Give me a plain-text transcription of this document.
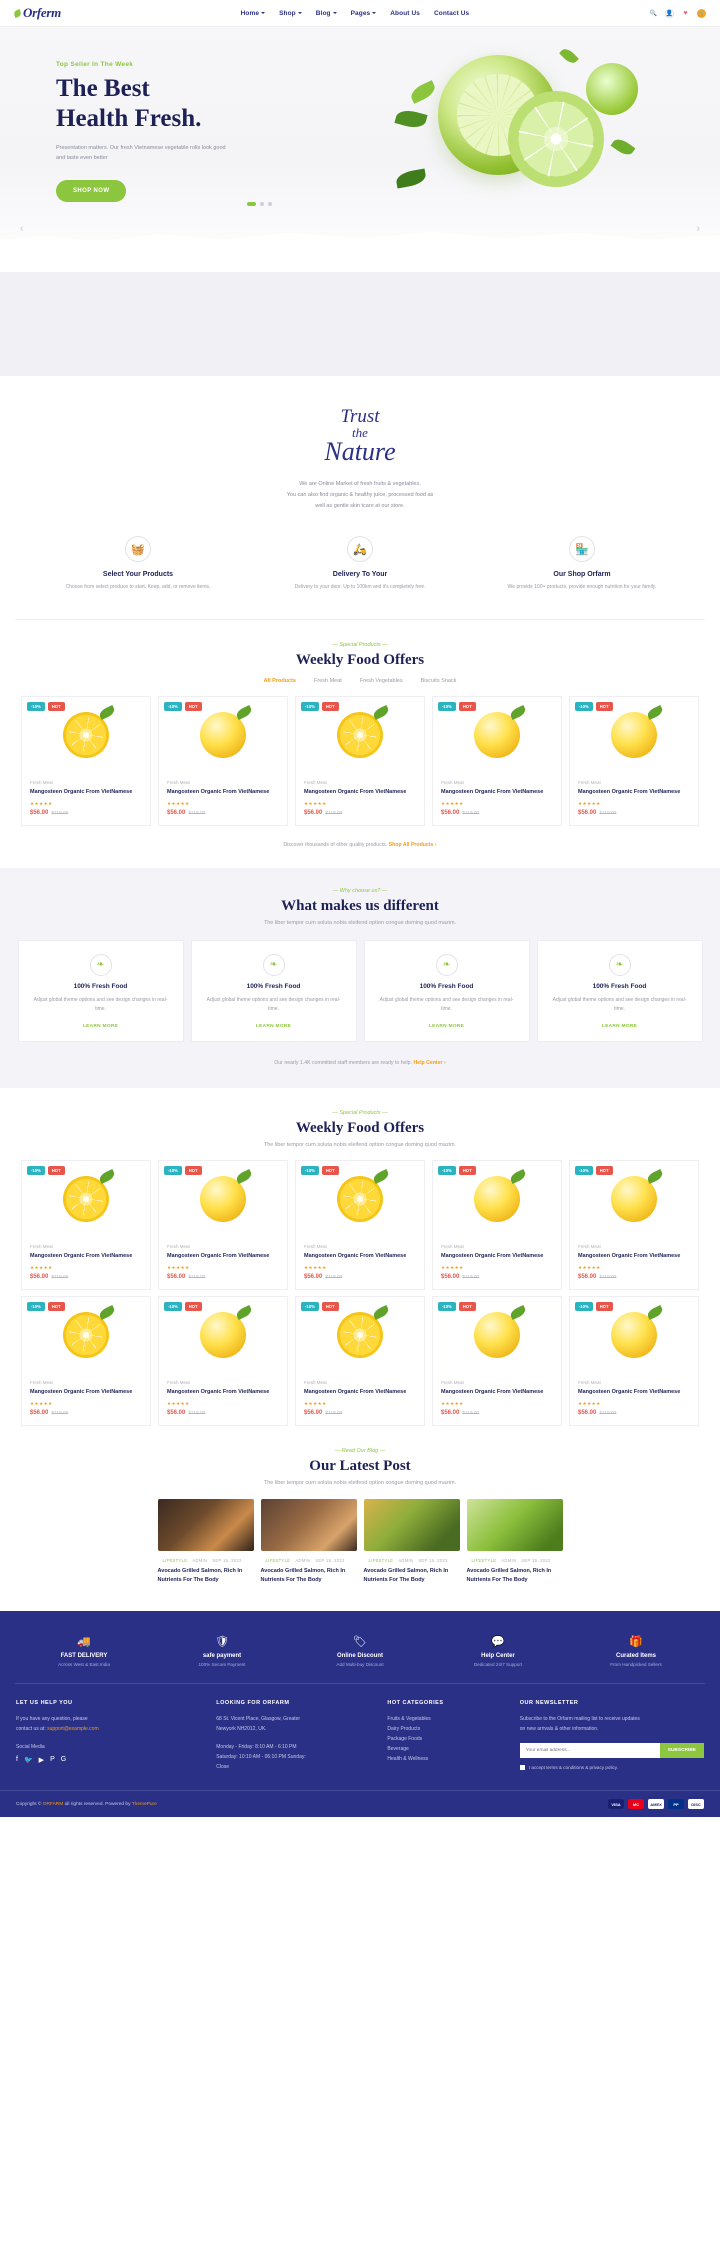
Orferm	Home	Shop	Blog	Pages	About Us Contact Us	🔍 👤	♥	🛒
Top Seller In The Week
The Best
Health Fresh.
Presentation matters. Our fresh Vietnamese vegetable rolls look good and taste even better
SHOP NOW
‹	›
Trust
the
Nature
We are Online Market of fresh fruits & vegetables.
You can also find organic & healthy juice, processed food as
well as gentle skin tcare at our store.
🧺
Select Your Products
Choose from select produce to start. Keep, add, or remove items.
🛵
Delivery To Your
Delivery to your door. Up to 100km and it's completely free.
🏪
Our Shop Orfarm
We provide 100+ products, provide enough nutrition for your family.
— Special Products —
Weekly Food Offers
All Products	Fresh Meat	Fresh Vegetables	Biscuits Snack
-10%	HOT
Fresh Meat
Mangosteen Organic From VietNamese
★★★★★
$56.00 $119.00
-10%	HOT
Fresh Meat
Mangosteen Organic From VietNamese
★★★★★
$56.00 $119.00
-10%	HOT
Fresh Meat
Mangosteen Organic From VietNamese
★★★★★
$56.00 $119.00
-10%	HOT
Fresh Meat
Mangosteen Organic From VietNamese
★★★★★
$56.00 $119.00
-10%	HOT
Fresh Meat
Mangosteen Organic From VietNamese
★★★★★
$56.00 $119.00
Discover thousands of other quality products. Shop All Products ›
— Why choose us? —
What makes us different
The liber tempor cum soluta nobis eleifend option congue doming quod mazim.
❧
100% Fresh Food
Adjust global theme options and see design changes in real-time.
LEARN MORE
❧
100% Fresh Food
Adjust global theme options and see design changes in real-time.
LEARN MORE
❧
100% Fresh Food
Adjust global theme options and see design changes in real-time.
LEARN MORE
❧
100% Fresh Food
Adjust global theme options and see design changes in real-time.
LEARN MORE
Our nearly 1.4K committed staff members are ready to help. Help Center ›
— Special Products —
Weekly Food Offers
The liber tempor cum soluta nobis eleifend option congue doming quod mazim.
-10%	HOT
Fresh Meat
Mangosteen Organic From VietNamese
★★★★★
$56.00 $119.00
-10%	HOT
Fresh Meat
Mangosteen Organic From VietNamese
★★★★★
$56.00 $119.00
-10%	HOT
Fresh Meat
Mangosteen Organic From VietNamese
★★★★★
$56.00 $119.00
-10%	HOT
Fresh Meat
Mangosteen Organic From VietNamese
★★★★★
$56.00 $119.00
-10%	HOT
Fresh Meat
Mangosteen Organic From VietNamese
★★★★★
$56.00 $119.00
-10%	HOT
Fresh Meat
Mangosteen Organic From VietNamese
★★★★★
$56.00 $119.00
-10%	HOT
Fresh Meat
Mangosteen Organic From VietNamese
★★★★★
$56.00 $119.00
-10%	HOT
Fresh Meat
Mangosteen Organic From VietNamese
★★★★★
$56.00 $119.00
-10%	HOT
Fresh Meat
Mangosteen Organic From VietNamese
★★★★★
$56.00 $119.00
-10%	HOT
Fresh Meat
Mangosteen Organic From VietNamese
★★★★★
$56.00 $119.00
— Read Our Blog —
Our Latest Post
The liber tempor cum soluta nobis eleifend option congue doming quod mazim.
LIFESTYLE ADMIN SEP 15. 2022
Avocado Grilled Salmon, Rich In Nutrients For The Body
LIFESTYLE ADMIN SEP 15. 2022
Avocado Grilled Salmon, Rich In Nutrients For The Body
LIFESTYLE ADMIN SEP 15. 2022
Avocado Grilled Salmon, Rich In Nutrients For The Body
LIFESTYLE ADMIN SEP 15. 2022
Avocado Grilled Salmon, Rich In Nutrients For The Body
🚚
FAST DELIVERY
Across West & East India
🛡
safe payment
100% Secure Payment
🏷
Online Discount
Add Multi-buy Discount
💬
Help Center
Dedicated 24/7 Support
🎁
Curated Items
From Handpicked Sellers
LET US HELP YOU
If you have any question, please
contact us at: support@example.com
Social Media
f 🐦 ▶ P G
LOOKING FOR ORFARM
68 St. Vicent Place, Glasgow, Greater
Newyork NH2012, UK.
Monday - Friday: 8:10 AM - 6:10 PM
Saturday: 10:10 AM - 06:10 PM Sunday:
Close
HOT CATEGORIES
Fruits & Vegetables
Dairy Products
Package Foods
Beverage
Health & Wellness
OUR NEWSLETTER
Subscribe to the Orfarm mailing list to receive updates
on new arrivals & other information.
Your email address...
SUBSCRIBE
I accept terms & conditions & privacy policy.
Copyright © ORFARM all rights reserved. Powered by ThemePure	VISA	MC	AMEX	PP	DISC
